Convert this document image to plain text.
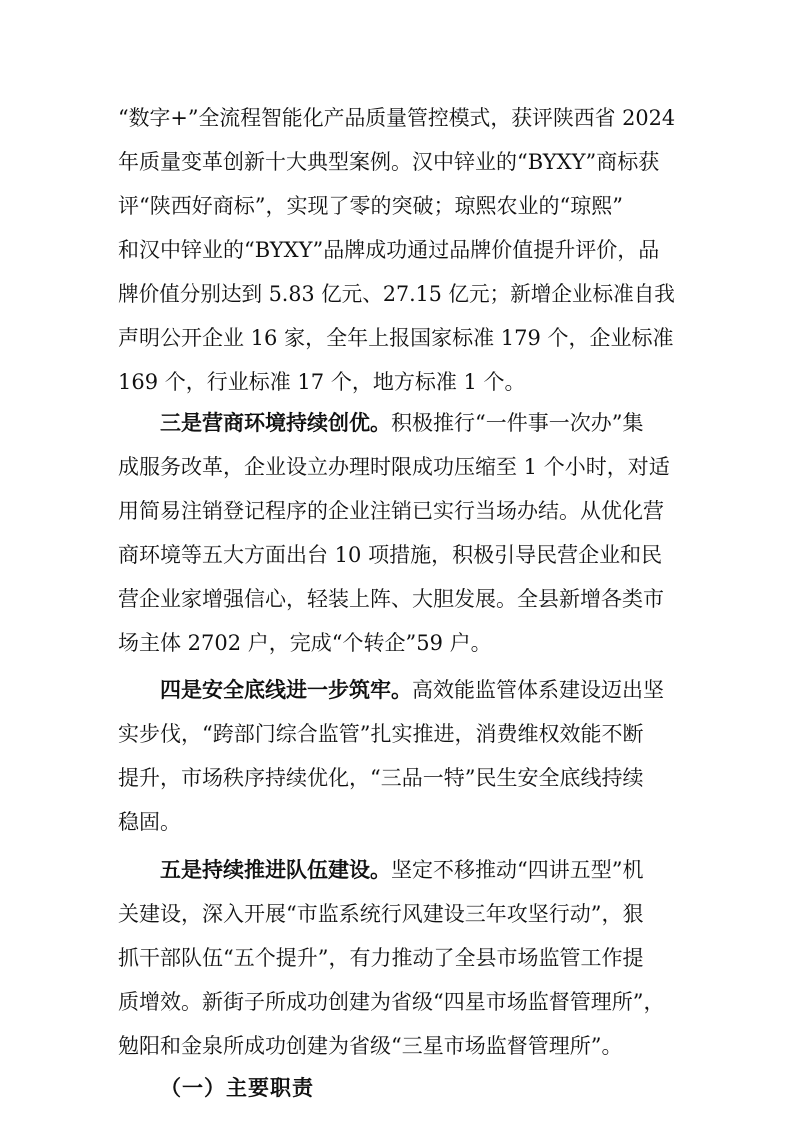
“数字+”全流程智能化产品质量管控模式，获评陕西省 2024
年质量变革创新十大典型案例。汉中锌业的“BYXY”商标获
评“陕西好商标”，实现了零的突破；琼熙农业的“琼熙”
和汉中锌业的“BYXY”品牌成功通过品牌价值提升评价，品
牌价值分别达到 5.83 亿元、27.15 亿元；新增企业标准自我
声明公开企业 16 家，全年上报国家标准 179 个，企业标准
169 个，行业标准 17 个，地方标准 1 个。
三是营商环境持续创优。积极推行“一件事一次办”集
成服务改革，企业设立办理时限成功压缩至 1 个小时，对适
用简易注销登记程序的企业注销已实行当场办结。从优化营
商环境等五大方面出台 10 项措施，积极引导民营企业和民
营企业家增强信心，轻装上阵、大胆发展。全县新增各类市
场主体 2702 户，完成“个转企”59 户。
四是安全底线进一步筑牢。高效能监管体系建设迈出坚
实步伐，“跨部门综合监管”扎实推进，消费维权效能不断
提升，市场秩序持续优化，“三品一特”民生安全底线持续
稳固。
五是持续推进队伍建设。坚定不移推动“四讲五型”机
关建设，深入开展“市监系统行风建设三年攻坚行动”，狠
抓干部队伍“五个提升”，有力推动了全县市场监管工作提
质增效。新街子所成功创建为省级“四星市场监督管理所”，
勉阳和金泉所成功创建为省级“三星市场监督管理所”。
（一）主要职责
